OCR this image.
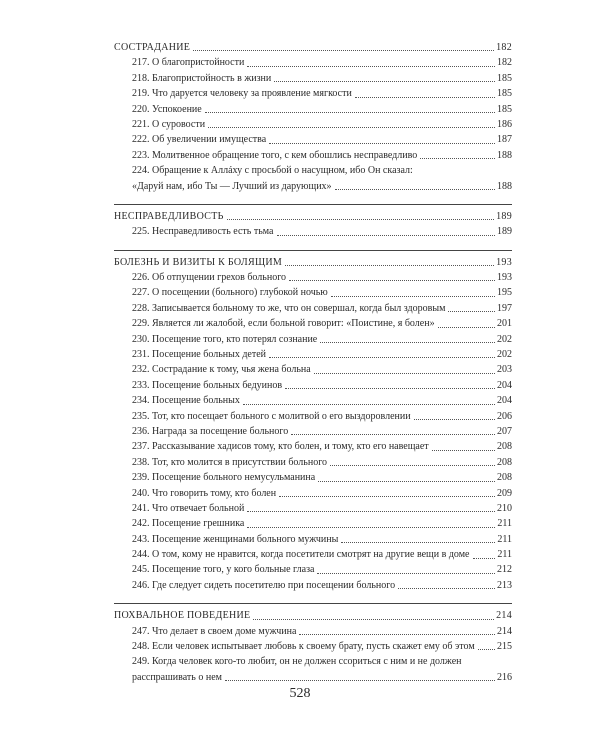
СОСТРАДАНИЕ	182
217. О благопристойности	182
218. Благопристойность в жизни	185
219. Что даруется человеку за проявление мягкости	185
220. Успокоение	185
221. О суровости	186
222. Об увеличении имущества	187
223. Молитвенное обращение того, с кем обошлись несправедливо	188
224. Обращение к Аллáху с просьбой о насущном, ибо Он сказал:
«Даруй нам, ибо Ты — Лучший из дарующих»	188
НЕСПРАВЕДЛИВОСТЬ	189
225. Несправедливость есть тьма	189
БОЛЕЗНЬ И ВИЗИТЫ К БОЛЯЩИМ	193
226. Об отпущении грехов больного	193
227. О посещении (больного) глубокой ночью	195
228. Записывается больному то же, что он совершал, когда был здоровым	197
229. Является ли жалобой, если больной говорит: «Поистине, я болен»	201
230. Посещение того, кто потерял сознание	202
231. Посещение больных детей	202
232. Сострадание к тому, чья жена больна	203
233. Посещение больных бедуинов	204
234. Посещение больных	204
235. Тот, кто посещает больного с молитвой о его выздоровлении	206
236. Награда за посещение больного	207
237. Рассказывание хадисов тому, кто болен, и тому, кто его навещает	208
238. Тот, кто молится в присутствии больного	208
239. Посещение больного немусульманина	208
240. Что говорить тому, кто болен	209
241. Что отвечает больной	210
242. Посещение грешника	211
243. Посещение женщинами больного мужчины	211
244. О том, кому не нравится, когда посетители смотрят на другие вещи в доме	211
245. Посещение того, у кого больные глаза	212
246. Где следует сидеть посетителю при посещении больного	213
ПОХВАЛЬНОЕ ПОВЕДЕНИЕ	214
247. Что делает в своем доме мужчина	214
248. Если человек испытывает любовь к своему брату, пусть скажет ему об этом 215
249. Когда человек кого-то любит, он не должен ссориться с ним и не должен
расспрашивать о нем	216
528
